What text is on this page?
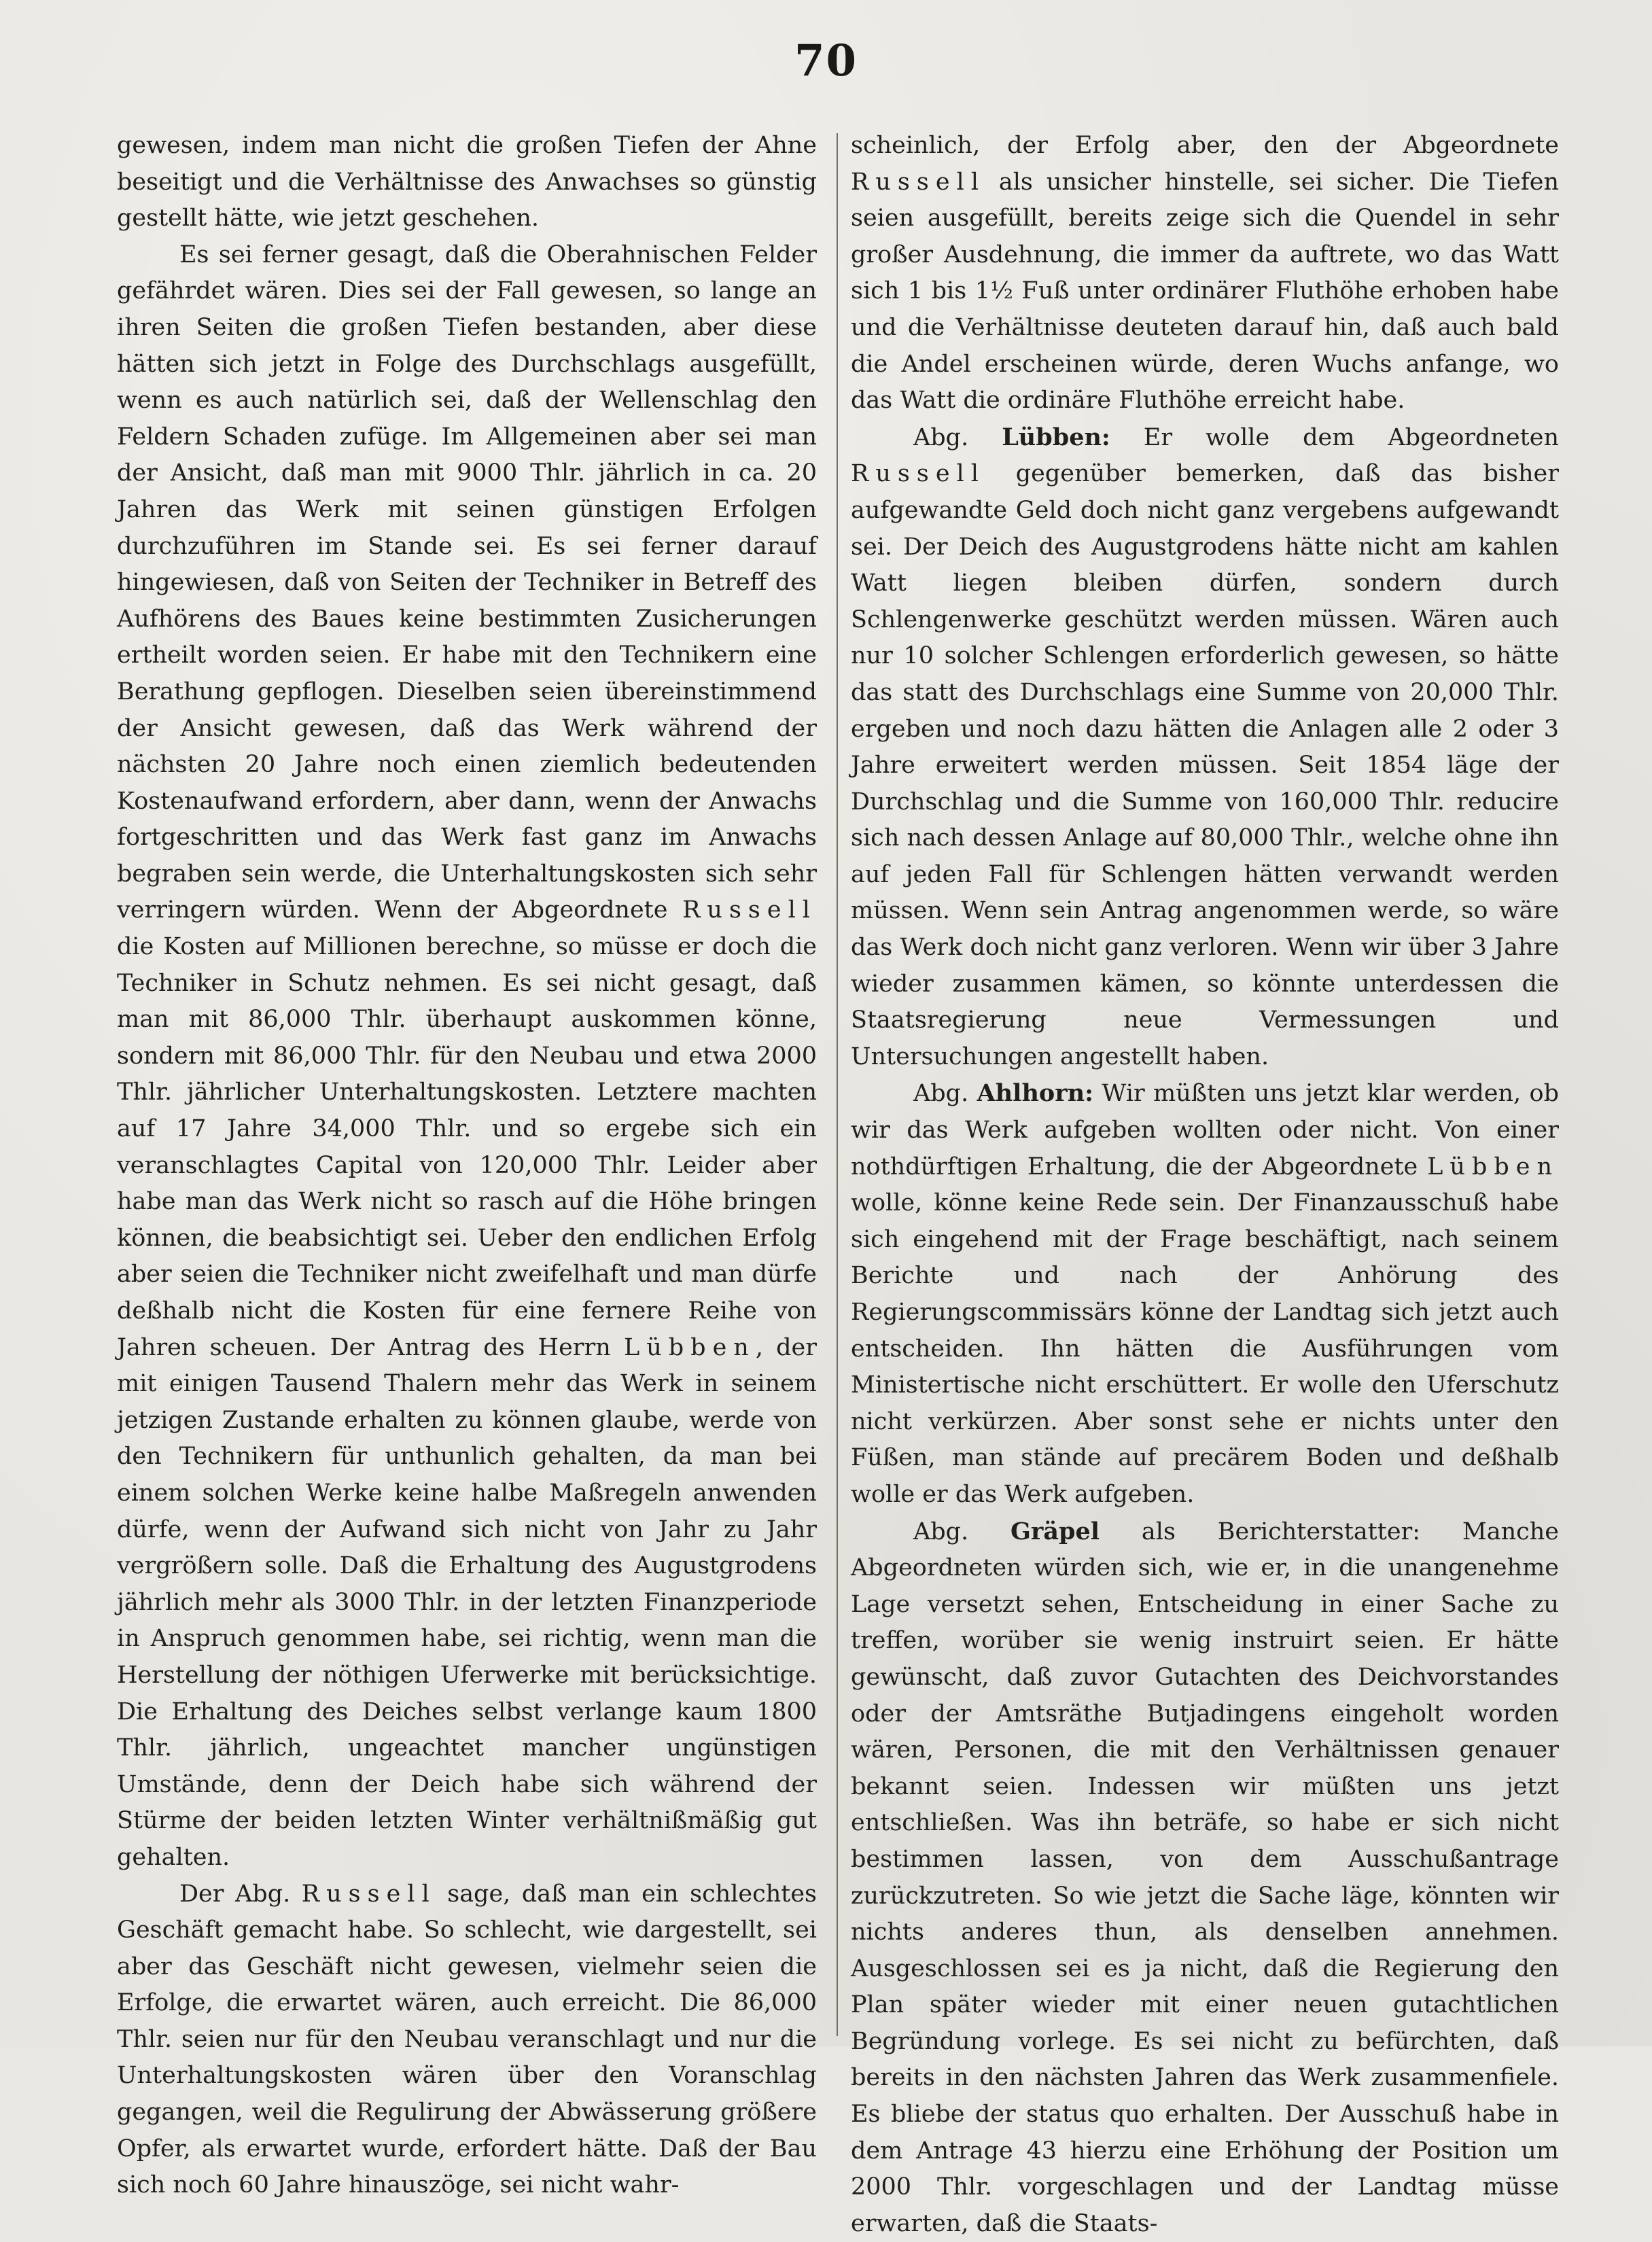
70

gewesen, indem man nicht die großen Tiefen der Ahne beseitigt und die Verhältnisse des Anwachses so günstig gestellt hätte, wie jetzt geschehen.

Es sei ferner gesagt, daß die Oberahnischen Felder gefährdet wären. Dies sei der Fall gewesen, so lange an ihren Seiten die großen Tiefen bestanden, aber diese hätten sich jetzt in Folge des Durchschlags ausgefüllt, wenn es auch natürlich sei, daß der Wellenschlag den Feldern Schaden zufüge. Im Allgemeinen aber sei man der Ansicht, daß man mit 9000 Thlr. jährlich in ca. 20 Jahren das Werk mit seinen günstigen Erfolgen durchzuführen im Stande sei. Es sei ferner darauf hingewiesen, daß von Seiten der Techniker in Betreff des Aufhörens des Baues keine bestimmten Zusicherungen ertheilt worden seien. Er habe mit den Technikern eine Berathung gepflogen. Dieselben seien übereinstimmend der Ansicht gewesen, daß das Werk während der nächsten 20 Jahre noch einen ziemlich bedeutenden Kostenaufwand erfordern, aber dann, wenn der Anwachs fortgeschritten und das Werk fast ganz im Anwachs begraben sein werde, die Unterhaltungskosten sich sehr verringern würden. Wenn der Abgeordnete Russell die Kosten auf Millionen berechne, so müsse er doch die Techniker in Schutz nehmen. Es sei nicht gesagt, daß man mit 86,000 Thlr. überhaupt auskommen könne, sondern mit 86,000 Thlr. für den Neubau und etwa 2000 Thlr. jährlicher Unterhaltungskosten. Letztere machten auf 17 Jahre 34,000 Thlr. und so ergebe sich ein veranschlagtes Capital von 120,000 Thlr. Leider aber habe man das Werk nicht so rasch auf die Höhe bringen können, die beabsichtigt sei. Ueber den endlichen Erfolg aber seien die Techniker nicht zweifelhaft und man dürfe deßhalb nicht die Kosten für eine fernere Reihe von Jahren scheuen. Der Antrag des Herrn Lübben, der mit einigen Tausend Thalern mehr das Werk in seinem jetzigen Zustande erhalten zu können glaube, werde von den Technikern für unthunlich gehalten, da man bei einem solchen Werke keine halbe Maßregeln anwenden dürfe, wenn der Aufwand sich nicht von Jahr zu Jahr vergrößern solle. Daß die Erhaltung des Augustgrodens jährlich mehr als 3000 Thlr. in der letzten Finanzperiode in Anspruch genommen habe, sei richtig, wenn man die Herstellung der nöthigen Uferwerke mit berücksichtige. Die Erhaltung des Deiches selbst verlange kaum 1800 Thlr. jährlich, ungeachtet mancher ungünstigen Umstände, denn der Deich habe sich während der Stürme der beiden letzten Winter verhältnißmäßig gut gehalten.

Der Abg. Russell sage, daß man ein schlechtes Geschäft gemacht habe. So schlecht, wie dargestellt, sei aber das Geschäft nicht gewesen, vielmehr seien die Erfolge, die erwartet wären, auch erreicht. Die 86,000 Thlr. seien nur für den Neubau veranschlagt und nur die Unterhaltungskosten wären über den Voranschlag gegangen, weil die Regulirung der Abwässerung größere Opfer, als erwartet wurde, erfordert hätte. Daß der Bau sich noch 60 Jahre hinauszöge, sei nicht wahr-

scheinlich, der Erfolg aber, den der Abgeordnete Russell als unsicher hinstelle, sei sicher. Die Tiefen seien ausgefüllt, bereits zeige sich die Quendel in sehr großer Ausdehnung, die immer da auftrete, wo das Watt sich 1 bis 1½ Fuß unter ordinärer Fluthöhe erhoben habe und die Verhältnisse deuteten darauf hin, daß auch bald die Andel erscheinen würde, deren Wuchs anfange, wo das Watt die ordinäre Fluthöhe erreicht habe.

Abg. Lübben: Er wolle dem Abgeordneten Russell gegenüber bemerken, daß das bisher aufgewandte Geld doch nicht ganz vergebens aufgewandt sei. Der Deich des Augustgrodens hätte nicht am kahlen Watt liegen bleiben dürfen, sondern durch Schlengenwerke geschützt werden müssen. Wären auch nur 10 solcher Schlengen erforderlich gewesen, so hätte das statt des Durchschlags eine Summe von 20,000 Thlr. ergeben und noch dazu hätten die Anlagen alle 2 oder 3 Jahre erweitert werden müssen. Seit 1854 läge der Durchschlag und die Summe von 160,000 Thlr. reducire sich nach dessen Anlage auf 80,000 Thlr., welche ohne ihn auf jeden Fall für Schlengen hätten verwandt werden müssen. Wenn sein Antrag angenommen werde, so wäre das Werk doch nicht ganz verloren. Wenn wir über 3 Jahre wieder zusammen kämen, so könnte unterdessen die Staatsregierung neue Vermessungen und Untersuchungen angestellt haben.

Abg. Ahlhorn: Wir müßten uns jetzt klar werden, ob wir das Werk aufgeben wollten oder nicht. Von einer nothdürftigen Erhaltung, die der Abgeordnete Lübben wolle, könne keine Rede sein. Der Finanzausschuß habe sich eingehend mit der Frage beschäftigt, nach seinem Berichte und nach der Anhörung des Regierungscommissärs könne der Landtag sich jetzt auch entscheiden. Ihn hätten die Ausführungen vom Ministertische nicht erschüttert. Er wolle den Uferschutz nicht verkürzen. Aber sonst sehe er nichts unter den Füßen, man stände auf precärem Boden und deßhalb wolle er das Werk aufgeben.

Abg. Gräpel als Berichterstatter: Manche Abgeordneten würden sich, wie er, in die unangenehme Lage versetzt sehen, Entscheidung in einer Sache zu treffen, worüber sie wenig instruirt seien. Er hätte gewünscht, daß zuvor Gutachten des Deichvorstandes oder der Amtsräthe Butjadingens eingeholt worden wären, Personen, die mit den Verhältnissen genauer bekannt seien. Indessen wir müßten uns jetzt entschließen. Was ihn beträfe, so habe er sich nicht bestimmen lassen, von dem Ausschußantrage zurückzutreten. So wie jetzt die Sache läge, könnten wir nichts anderes thun, als denselben annehmen. Ausgeschlossen sei es ja nicht, daß die Regierung den Plan später wieder mit einer neuen gutachtlichen Begründung vorlege. Es sei nicht zu befürchten, daß bereits in den nächsten Jahren das Werk zusammenfiele. Es bliebe der status quo erhalten. Der Ausschuß habe in dem Antrage 43 hierzu eine Erhöhung der Position um 2000 Thlr. vorgeschlagen und der Landtag müsse erwarten, daß die Staats-
